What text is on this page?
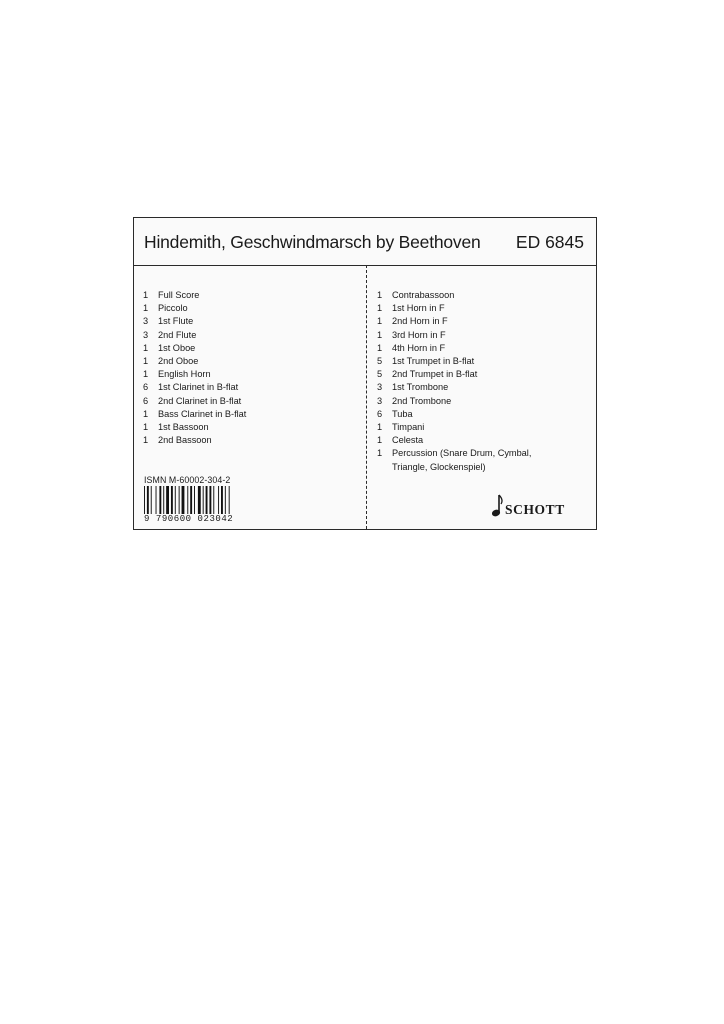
Hindemith, Geschwindmarsch by Beethoven ED 6845
1	Full Score
1	Piccolo
3	1st Flute
3	2nd Flute
1	1st Oboe
1	2nd Oboe
1	English Horn
6	1st Clarinet in B-flat
6	2nd Clarinet in B-flat
1	Bass Clarinet in B-flat
1	1st Bassoon
1	2nd Bassoon
1	Contrabassoon
1	1st Horn in F
1	2nd Horn in F
1	3rd Horn in F
1	4th Horn in F
5	1st Trumpet in B-flat
5	2nd Trumpet in B-flat
3	1st Trombone
3	2nd Trombone
6	Tuba
1	Timpani
1	Celesta
1	Percussion (Snare Drum, Cymbal,
Triangle, Glockenspiel)
ISMN M-60002-304-2
9 790600 023042
SCHOTT
